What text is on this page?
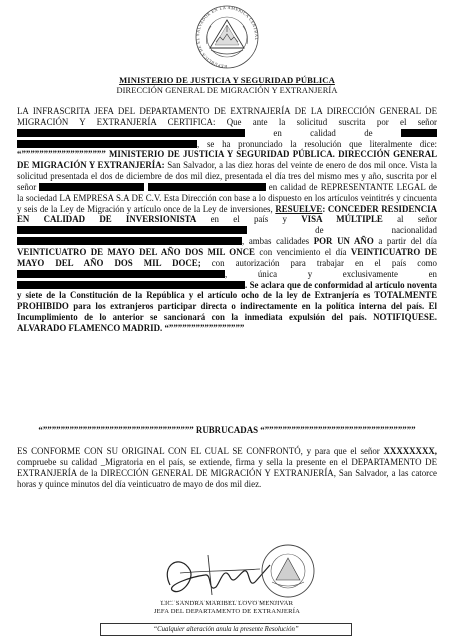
REPUBLICA DE EL SALVADOR EN LA AMERICA CENTRAL
MINISTERIO DE JUSTICIA Y SEGURIDAD PÚBLICA
DIRECCIÓN GENERAL DE MIGRACIÓN Y EXTRANJERÍA
LA INFRASCRITA JEFA DEL DEPARTAMENTO DE EXTRNAJERÍA DE LA DIRECCIÓN GENERAL DE MIGRACIÓN Y EXTRANJERÍA CERTIFICA: Que ante la solicitud suscrita por el señor  en calidad de  , se ha pronunciado la resolución que literalmente dice: “””””””””””””””””””” MINISTERIO DE JUSTICIA Y SEGURIDAD PÚBLICA. DIRECCIÓN GENERAL DE MIGRACIÓN Y EXTRANJERÍA: San Salvador, a las diez horas del veinte de enero de dos mil once. Vista la solicitud presentada el dos de diciembre de dos mil diez, presentada el día tres del mismo mes y año, suscrita por el señor	en calidad de REPRESENTANTE LEGAL de la sociedad LA EMPRESA S.A DE C.V. Esta Dirección con base a lo dispuesto en los artículos veintitrés y cincuenta y seis de la Ley de Migración y artículo once de la Ley de inversiones, RESUELVE: CONCEDER RESIDENCIA EN CALIDAD DE INVERSIONISTA en el país y VISA MÚLTIPLE al señor  de nacionalidad , ambas calidades POR UN AÑO a partir del día VEINTICUATRO DE MAYO DEL AÑO DOS MIL ONCE con vencimiento el día VEINTICUATRO DE MAYO DEL AÑO DOS MIL DOCE; con autorización para trabajar en el país como , única y exclusivamente en . Se aclara que de conformidad al artículo noventa y siete de la Constitución de la República y el artículo ocho de la ley de Extranjería es TOTALMENTE PROHIBIDO para los extranjeros participar directa o indirectamente en la política interna del país. El Incumplimiento de lo anterior se sancionará con la inmediata expulsión del país. NOTIFIQUESE. ALVARADO FLAMENCO MADRID. “”””””””””””””””””
“”””””””””””””””””””””””””””””””””” RUBRUCADAS “””””””””””””””””””””””””””””””””””
ES CONFORME CON SU ORIGINAL CON EL CUAL SE CONFRONTÓ, y para que el señor XXXXXXXX, compruebe su calidad _Migratoria en el país, se extiende, firma y sella la presente en el DEPARTAMENTO DE EXTRANJERÍA de la DIRECCIÓN GENERAL DE MIGRACIÓN Y EXTRANJERÍA, San Salvador, a las catorce horas y quince minutos del día veinticuatro de mayo de dos mil diez.
LIC. SANDRA MARIBEL LOVO MENJIVAR
JEFA DEL DEPARTAMENTO DE EXTRANJERÍA
“Cualquier alteración anula la presente Resolución”
